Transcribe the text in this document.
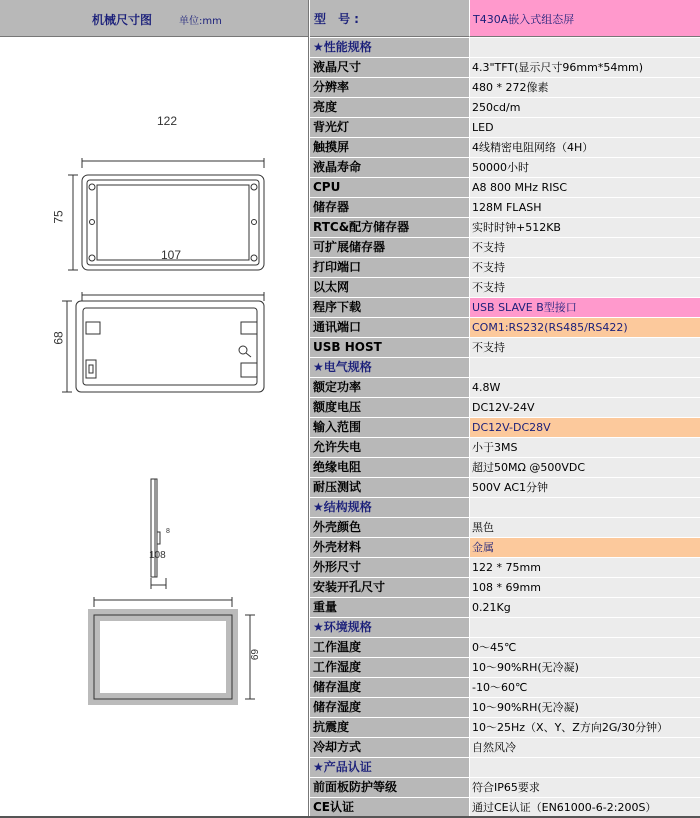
机械尺寸图	单位:mm	型 号:	T430A嵌入式组态屏
122
75
107
68
8
108
69
★性能规格
液晶尺寸	4.3"TFT(显示尺寸96mm*54mm)
分辨率	480 * 272像素
亮度	250cd/m
背光灯	LED
触摸屏	4线精密电阻网络（4H）
液晶寿命	50000小时
CPU	A8 800 MHz RISC
储存器	128M FLASH
RTC&配方储存器	实时时钟+512KB
可扩展储存器	不支持
打印端口	不支持
以太网	不支持
程序下载	USB SLAVE B型接口
通讯端口	COM1:RS232(RS485/RS422)
USB HOST	不支持
★电气规格
额定功率	4.8W
额度电压	DC12V-24V
输入范围	DC12V-DC28V
允许失电	小于3MS
绝缘电阻	超过50MΩ @500VDC
耐压测试	500V AC1分钟
★结构规格
外壳颜色	黑色
外壳材料	金属
外形尺寸	122 * 75mm
安装开孔尺寸	108 * 69mm
重量	0.21Kg
★环境规格
工作温度	0～45℃
工作湿度	10～90%RH(无冷凝)
储存温度	-10～60℃
储存湿度	10～90%RH(无冷凝)
抗震度	10～25Hz（X、Y、Z方向2G/30分钟）
冷却方式	自然风冷
★产品认证
前面板防护等级	符合IP65要求
CE认证	通过CE认证（EN61000-6-2:200S）
